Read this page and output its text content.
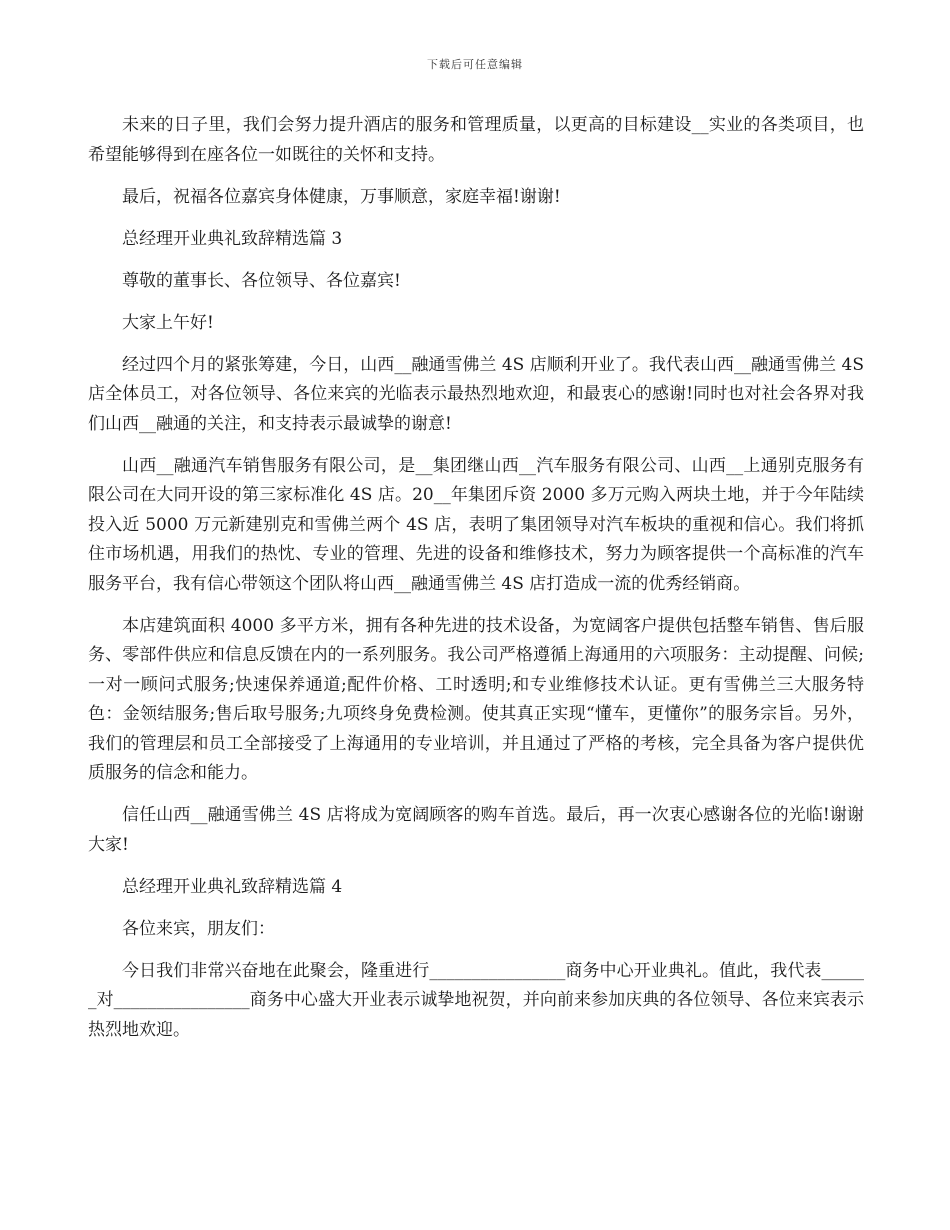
下载后可任意编辑

未来的日子里，我们会努力提升酒店的服务和管理质量，以更高的目标建设__实业的各类项目，也希望能够得到在座各位一如既往的关怀和支持。

最后，祝福各位嘉宾身体健康，万事顺意，家庭幸福!谢谢!

总经理开业典礼致辞精选篇 3

尊敬的董事长、各位领导、各位嘉宾!

大家上午好!

经过四个月的紧张筹建，今日，山西__融通雪佛兰 4S 店顺利开业了。我代表山西__融通雪佛兰 4S 店全体员工，对各位领导、各位来宾的光临表示最热烈地欢迎，和最衷心的感谢!同时也对社会各界对我们山西__融通的关注，和支持表示最诚挚的谢意!

山西__融通汽车销售服务有限公司，是__集团继山西__汽车服务有限公司、山西__上通别克服务有限公司在大同开设的第三家标准化 4S 店。20__年集团斥资 2000 多万元购入两块土地，并于今年陆续投入近 5000 万元新建别克和雪佛兰两个 4S 店，表明了集团领导对汽车板块的重视和信心。我们将抓住市场机遇，用我们的热忱、专业的管理、先进的设备和维修技术，努力为顾客提供一个高标准的汽车服务平台，我有信心带领这个团队将山西__融通雪佛兰 4S 店打造成一流的优秀经销商。

本店建筑面积 4000 多平方米，拥有各种先进的技术设备，为宽阔客户提供包括整车销售、售后服务、零部件供应和信息反馈在内的一系列服务。我公司严格遵循上海通用的六项服务：主动提醒、问候;一对一顾问式服务;快速保养通道;配件价格、工时透明;和专业维修技术认证。更有雪佛兰三大服务特色：金领结服务;售后取号服务;九项终身免费检测。使其真正实现“懂车，更懂你”的服务宗旨。另外，我们的管理层和员工全部接受了上海通用的专业培训，并且通过了严格的考核，完全具备为客户提供优质服务的信念和能力。

信任山西__融通雪佛兰 4S 店将成为宽阔顾客的购车首选。最后，再一次衷心感谢各位的光临!谢谢大家!

总经理开业典礼致辞精选篇 4

各位来宾，朋友们：

今日我们非常兴奋地在此聚会，隆重进行________________商务中心开业典礼。值此，我代表______对________________商务中心盛大开业表示诚挚地祝贺，并向前来参加庆典的各位领导、各位来宾表示热烈地欢迎。
